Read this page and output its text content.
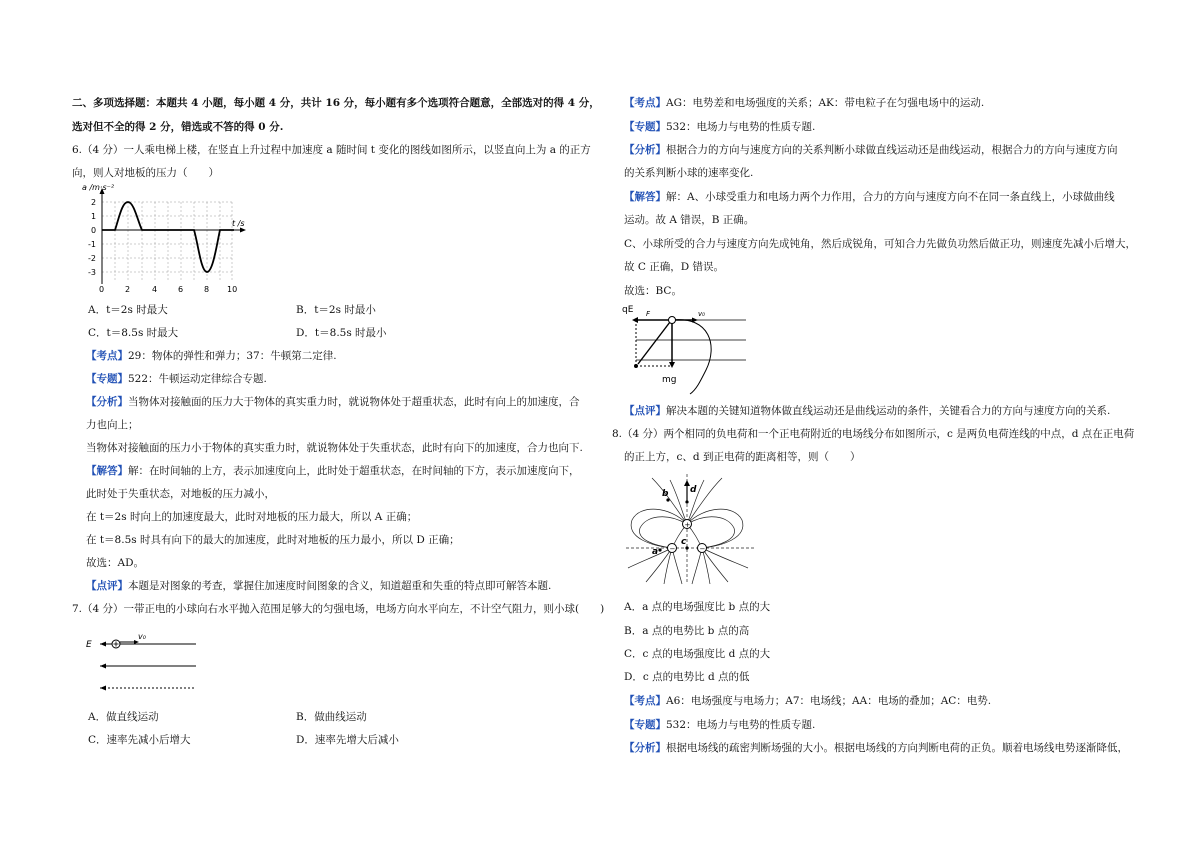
二、多项选择题：本题共 4 小题，每小题 4 分，共计 16 分，每小题有多个选项符合题意，全部选对的得 4 分，
选对但不全的得 2 分，错选或不答的得 0 分.
6.（4 分）一人乘电梯上楼，在竖直上升过程中加速度 a 随时间 t 变化的图线如图所示，以竖直向上为 a 的正方
向，则人对地板的压力（　　）
a /m·s⁻²
t /s
2
1
0
-1
-2
-3
0	2	4	6	8 10
A．t＝2s 时最大	B．t＝2s 时最小
C．t＝8.5s 时最大	D．t＝8.5s 时最小
【考点】29：物体的弹性和弹力；37：牛顿第二定律.
【专题】522：牛顿运动定律综合专题.
【分析】当物体对接触面的压力大于物体的真实重力时，就说物体处于超重状态，此时有向上的加速度，合
力也向上；
当物体对接触面的压力小于物体的真实重力时，就说物体处于失重状态，此时有向下的加速度，合力也向下.
【解答】解：在时间轴的上方，表示加速度向上，此时处于超重状态，在时间轴的下方，表示加速度向下，
此时处于失重状态，对地板的压力减小，
在 t＝2s 时向上的加速度最大，此时对地板的压力最大，所以 A 正确；
在 t＝8.5s 时具有向下的最大的加速度，此时对地板的压力最小，所以 D 正确；
故选：AD。
【点评】本题是对图象的考查，掌握住加速度时间图象的含义，知道超重和失重的特点即可解答本题.
7.（4 分）一带正电的小球向右水平抛入范围足够大的匀强电场，电场方向水平向左，不计空气阻力，则小球(　　)
E
v₀
A．做直线运动	B．做曲线运动
C．速率先减小后增大	D．速率先增大后减小
【考点】AG：电势差和电场强度的关系；AK：带电粒子在匀强电场中的运动.
【专题】532：电场力与电势的性质专题.
【分析】根据合力的方向与速度方向的关系判断小球做直线运动还是曲线运动，根据合力的方向与速度方向
的关系判断小球的速率变化.
【解答】解：A、小球受重力和电场力两个力作用，合力的方向与速度方向不在同一条直线上，小球做曲线
运动。故 A 错误，B 正确。
C、小球所受的合力与速度方向先成钝角，然后成锐角，可知合力先做负功然后做正功，则速度先减小后增大，
故 C 正确，D 错误。
故选：BC。
qE F	v₀
mg
【点评】解决本题的关键知道物体做直线运动还是曲线运动的条件，关键看合力的方向与速度方向的关系.
8.（4 分）两个相同的负电荷和一个正电荷附近的电场线分布如图所示，c 是两负电荷连线的中点，d 点在正电荷
的正上方，c、d 到正电荷的距离相等，则（　　）
+
−	−
b d
a
c
A．a 点的电场强度比 b 点的大
B．a 点的电势比 b 点的高
C．c 点的电场强度比 d 点的大
D．c 点的电势比 d 点的低
【考点】A6：电场强度与电场力；A7：电场线；AA：电场的叠加；AC：电势.
【专题】532：电场力与电势的性质专题.
【分析】根据电场线的疏密判断场强的大小。根据电场线的方向判断电荷的正负。顺着电场线电势逐渐降低，
